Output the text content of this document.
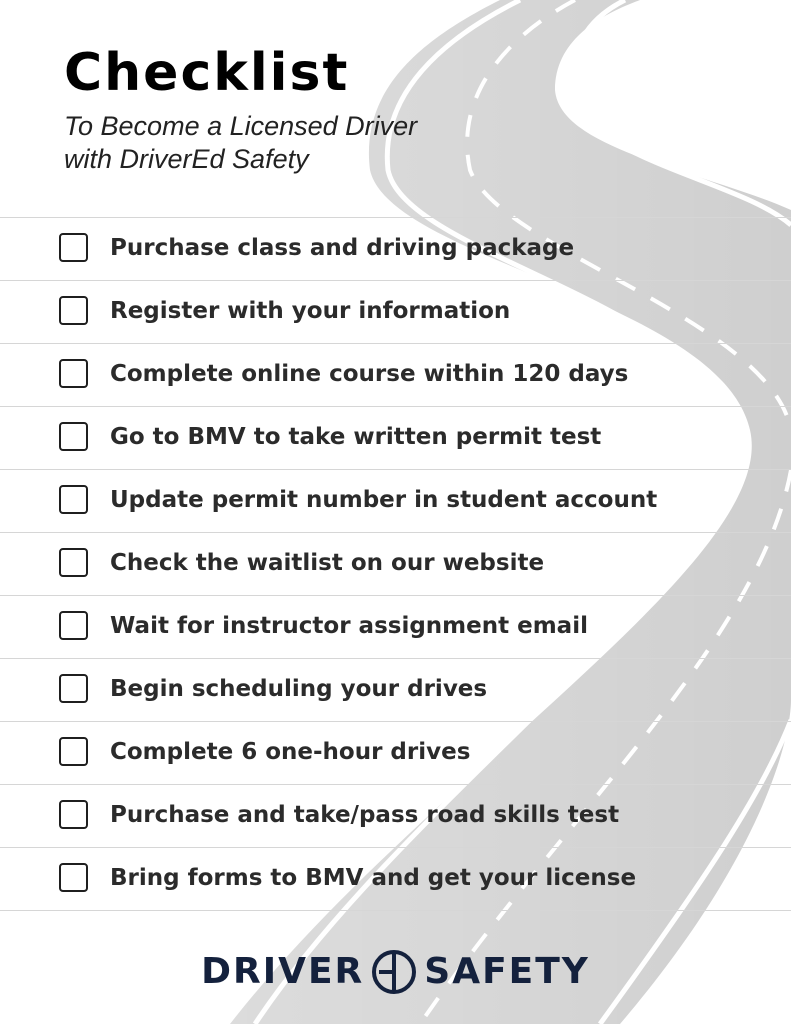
Checklist
To Become a Licensed Driver
with DriverEd Safety
Purchase class and driving package
Register with your information
Complete online course within 120 days
Go to BMV to take written permit test
Update permit number in student account
Check the waitlist on our website
Wait for instructor assignment email
Begin scheduling your drives
Complete 6 one-hour drives
Purchase and take/pass road skills test
Bring forms to BMV and get your license
DRIVER SAFETY
